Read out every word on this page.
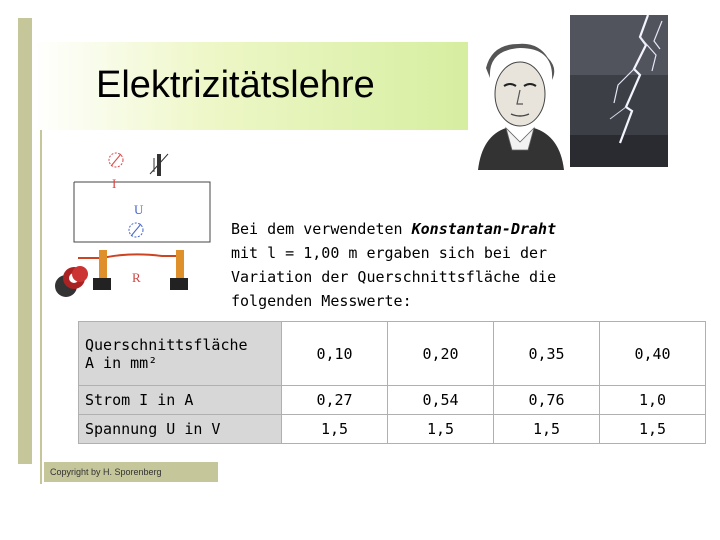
Elektrizitätslehre
I
U
R
Bei dem verwendeten Konstantan-Draht
mit l = 1,00 m ergaben sich bei der
Variation der Querschnittsfläche die
folgenden Messwerte:
Querschnittsfläche
A in mm²	0,10	0,20	0,35	0,40
Strom I in A	0,27	0,54	0,76	1,0
Spannung U in V	1,5	1,5	1,5	1,5
Copyright by H. Sporenberg
